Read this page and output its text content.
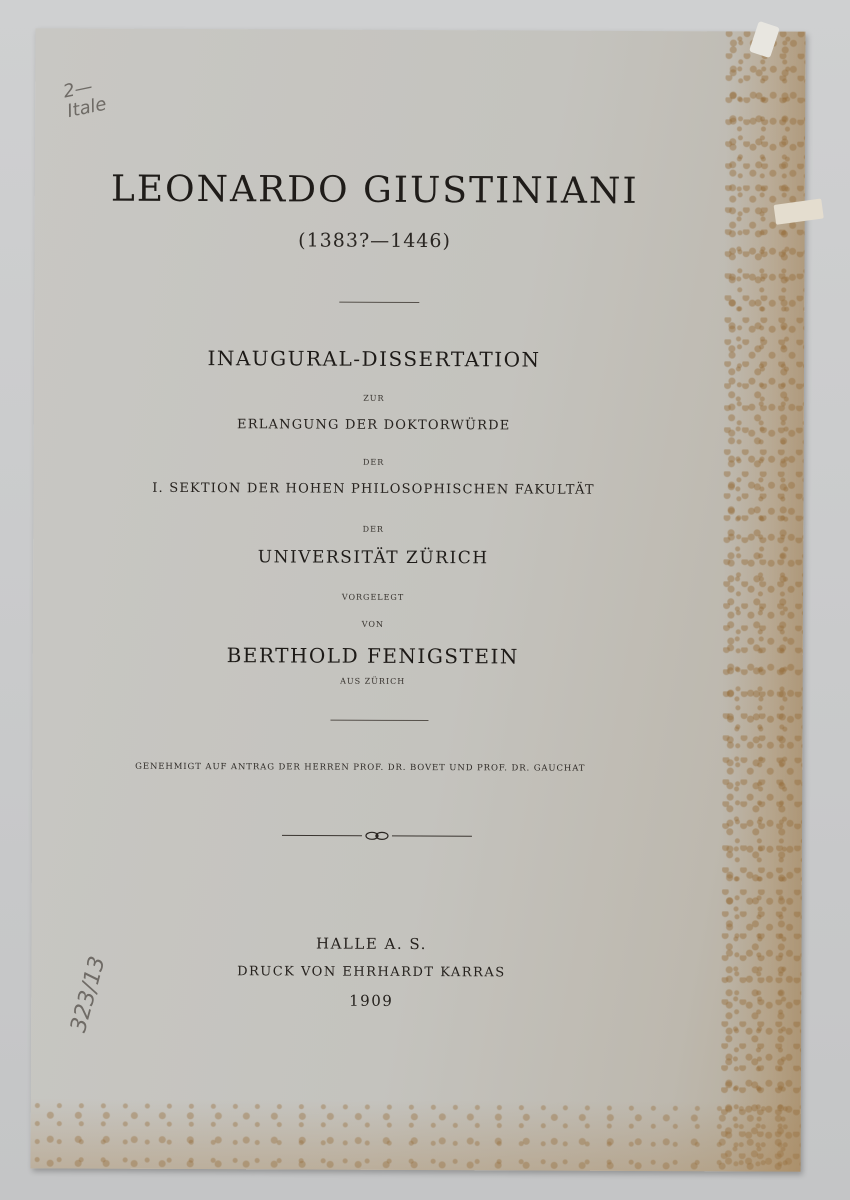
2—
Itale
323/13
LEONARDO GIUSTINIANI
(1383?—1446)
INAUGURAL-DISSERTATION
ZUR
ERLANGUNG DER DOKTORWÜRDE
DER
I. SEKTION DER HOHEN PHILOSOPHISCHEN FAKULTÄT
DER
UNIVERSITÄT ZÜRICH
VORGELEGT
VON
BERTHOLD FENIGSTEIN
AUS ZÜRICH
GENEHMIGT AUF ANTRAG DER HERREN PROF. DR. BOVET UND PROF. DR. GAUCHAT
HALLE A. S.
DRUCK VON EHRHARDT KARRAS
1909
